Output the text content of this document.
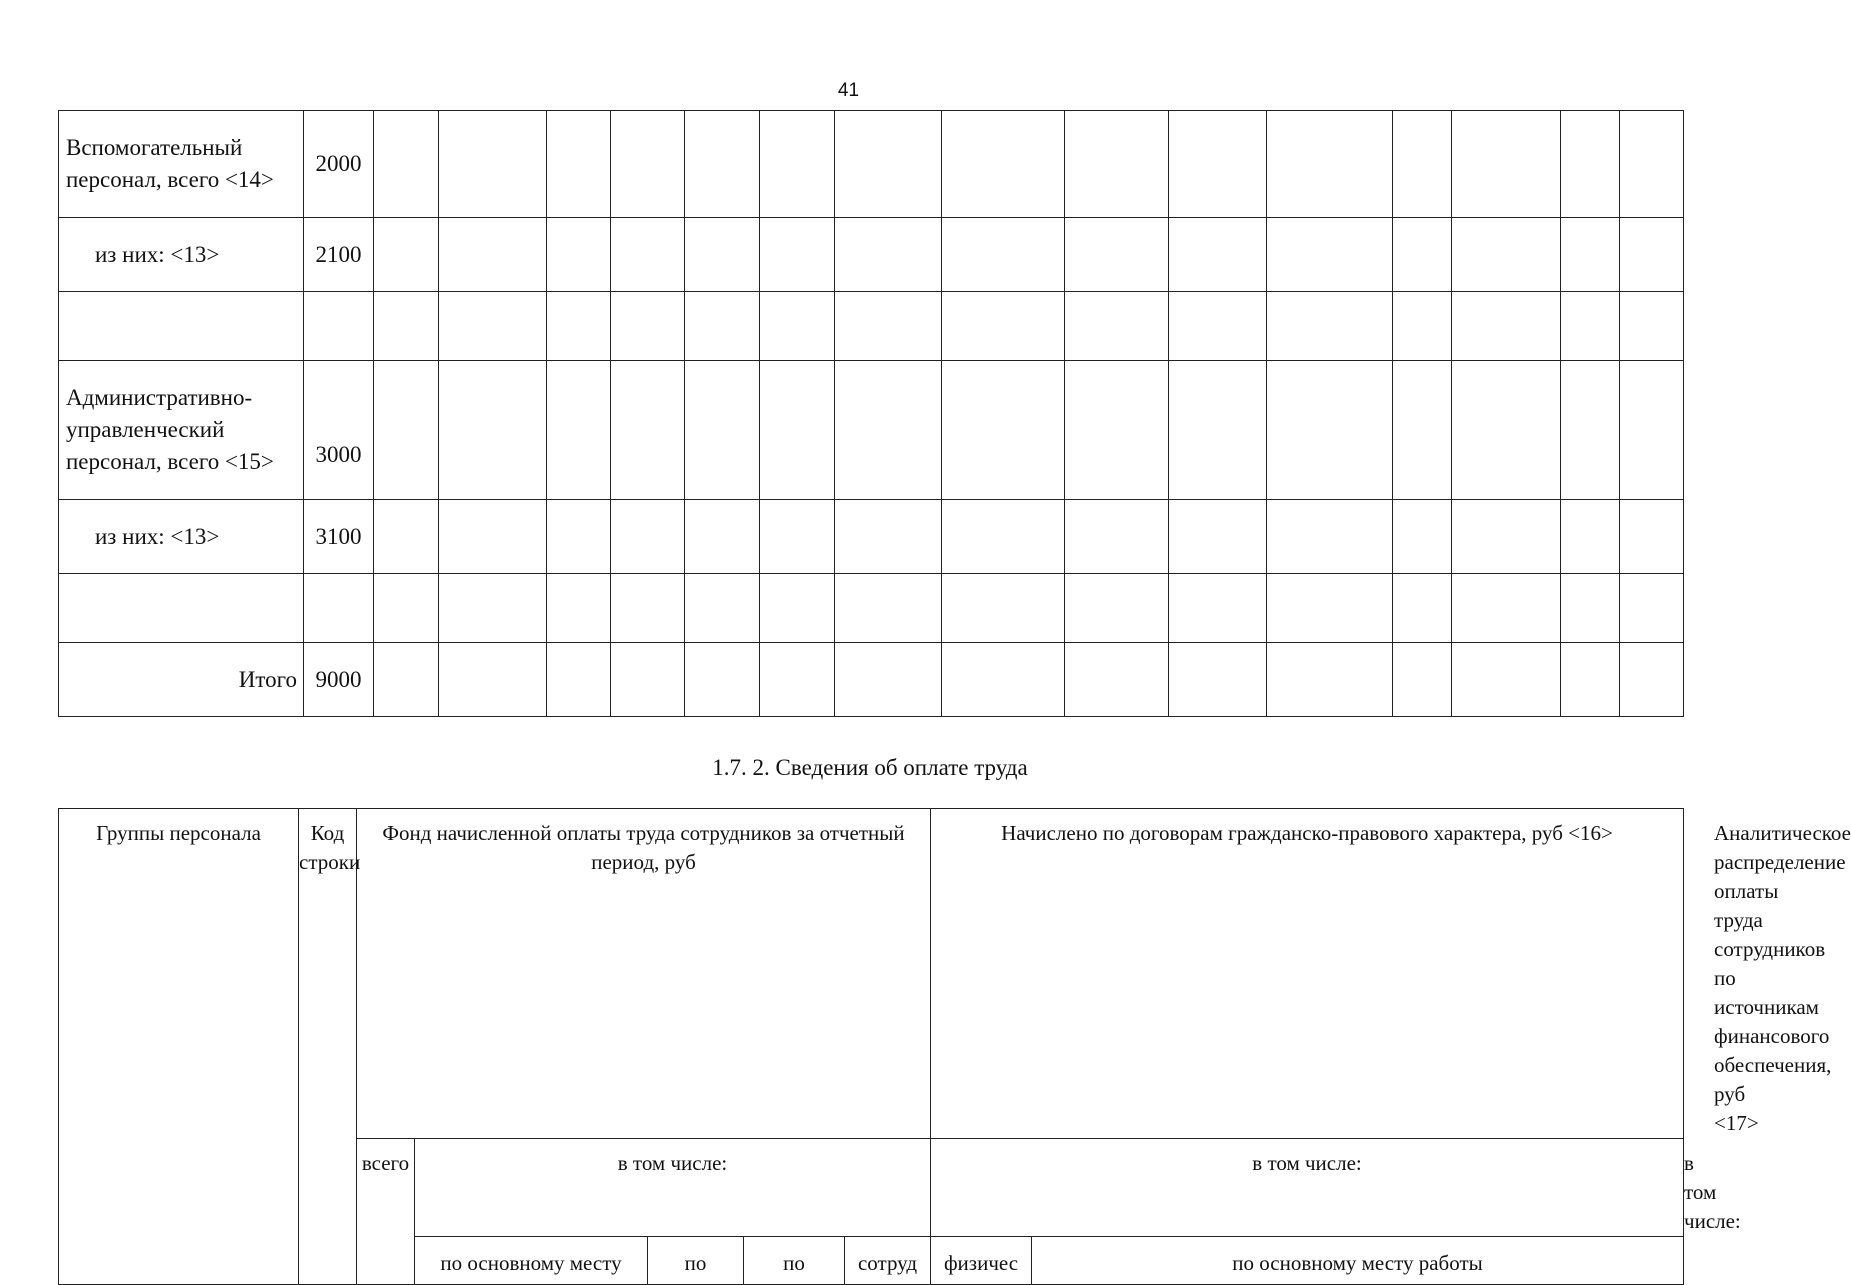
41
Вспомогательный персонал, всего <14>	2000															
из них: <13>	2100															

Административно-управленческий персонал, всего <15>	3000															
из них: <13>	3100															

Итого	9000															
1.7. 2. Сведения об оплате труда
Группы персонала	Код строки	Фонд начисленной оплаты труда сотрудников за отчетный период, руб					Начислено по договорам гражданско-правового характера, руб <16>		Аналитическое распределение оплаты труда сотрудников по источникам финансового обеспечения, руб <17>
		всего	в том числе:				в том числе:		в том числе:
			по основному месту	по	по	сотруд	физичес	по основному месту работы	
